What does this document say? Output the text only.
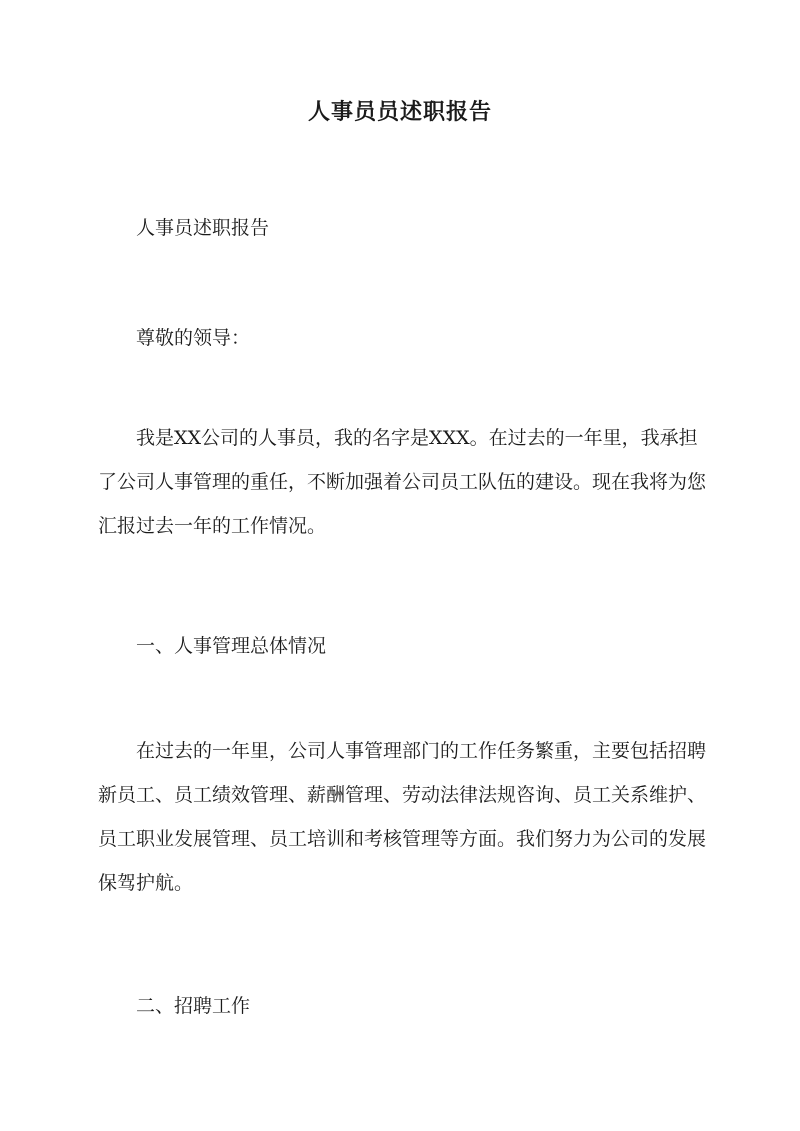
人事员员述职报告

人事员述职报告

尊敬的领导：

我是XX公司的人事员，我的名字是XXX。在过去的一年里，我承担了公司人事管理的重任，不断加强着公司员工队伍的建设。现在我将为您汇报过去一年的工作情况。

一、人事管理总体情况

在过去的一年里，公司人事管理部门的工作任务繁重，主要包括招聘新员工、员工绩效管理、薪酬管理、劳动法律法规咨询、员工关系维护、员工职业发展管理、员工培训和考核管理等方面。我们努力为公司的发展保驾护航。

二、招聘工作
